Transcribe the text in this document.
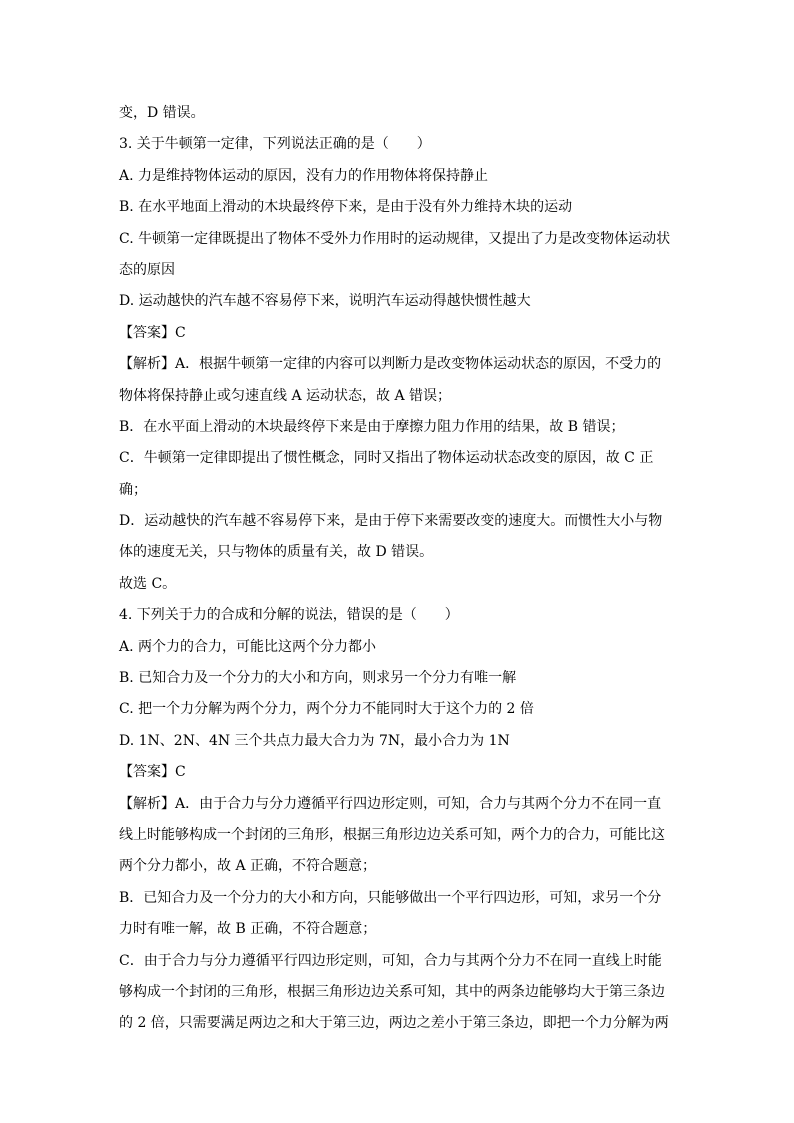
变，D 错误。
3. 关于牛顿第一定律，下列说法正确的是（　　）
A. 力是维持物体运动的原因，没有力的作用物体将保持静止
B. 在水平地面上滑动的木块最终停下来，是由于没有外力维持木块的运动
C. 牛顿第一定律既提出了物体不受外力作用时的运动规律，又提出了力是改变物体运动状
态的原因
D. 运动越快的汽车越不容易停下来，说明汽车运动得越快惯性越大
【答案】C
【解析】A．根据牛顿第一定律的内容可以判断力是改变物体运动状态的原因，不受力的
物体将保持静止或匀速直线 A 运动状态，故 A 错误；
B．在水平面上滑动的木块最终停下来是由于摩擦力阻力作用的结果，故 B 错误；
C．牛顿第一定律即提出了惯性概念，同时又指出了物体运动状态改变的原因，故 C 正
确；
D．运动越快的汽车越不容易停下来，是由于停下来需要改变的速度大。而惯性大小与物
体的速度无关，只与物体的质量有关，故 D 错误。
故选 C。
4. 下列关于力的合成和分解的说法，错误的是（　　）
A. 两个力的合力，可能比这两个分力都小
B. 已知合力及一个分力的大小和方向，则求另一个分力有唯一解
C. 把一个力分解为两个分力，两个分力不能同时大于这个力的 2 倍
D. 1N、2N、4N 三个共点力最大合力为 7N，最小合力为 1N
【答案】C
【解析】A．由于合力与分力遵循平行四边形定则，可知，合力与其两个分力不在同一直
线上时能够构成一个封闭的三角形，根据三角形边边关系可知，两个力的合力，可能比这
两个分力都小，故 A 正确，不符合题意；
B．已知合力及一个分力的大小和方向，只能够做出一个平行四边形，可知，求另一个分
力时有唯一解，故 B 正确，不符合题意；
C．由于合力与分力遵循平行四边形定则，可知，合力与其两个分力不在同一直线上时能
够构成一个封闭的三角形，根据三角形边边关系可知，其中的两条边能够均大于第三条边
的 2 倍，只需要满足两边之和大于第三边，两边之差小于第三条边，即把一个力分解为两
